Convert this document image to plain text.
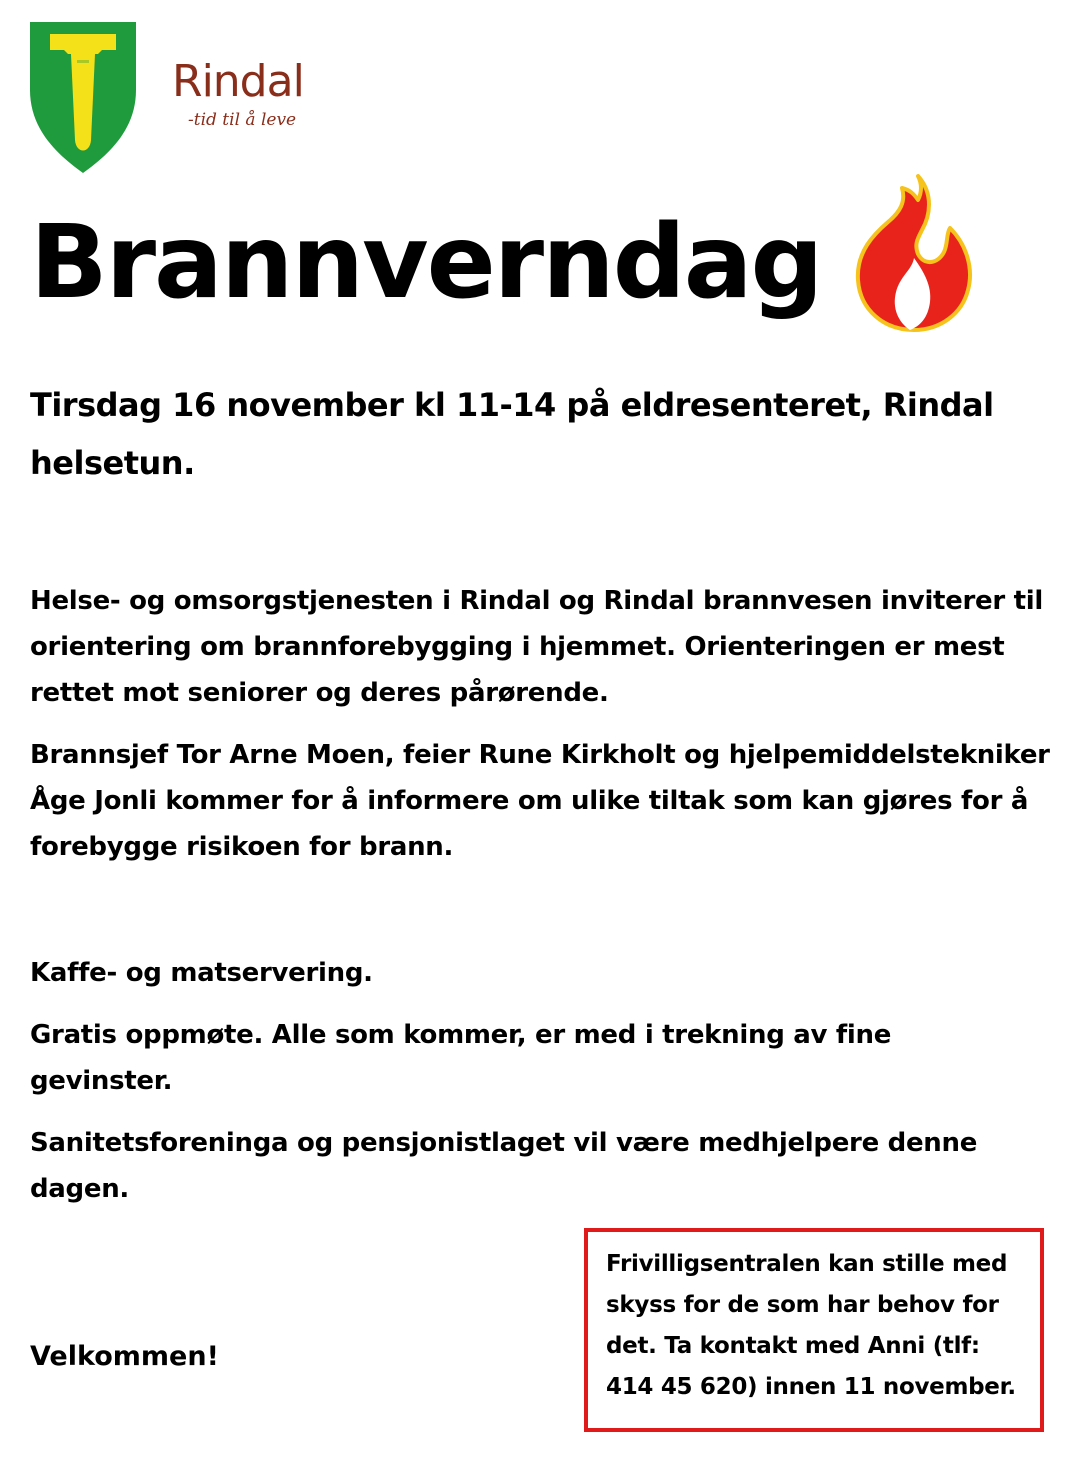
Rindal
-tid til å leve
Brannverndag
Tirsdag 16 november kl 11-14 på eldresenteret, Rindal helsetun.
Helse- og omsorgstjenesten i Rindal og Rindal brannvesen inviterer til orientering om brannforebygging i hjemmet. Orienteringen er mest rettet mot seniorer og deres pårørende.
Brannsjef Tor Arne Moen, feier Rune Kirkholt og hjelpemiddelstekniker Åge Jonli kommer for å informere om ulike tiltak som kan gjøres for å forebygge risikoen for brann.
Kaffe- og matservering.
Gratis oppmøte. Alle som kommer, er med i trekning av fine gevinster.
Sanitetsforeninga og pensjonistlaget vil være medhjelpere denne dagen.
Velkommen!
Frivilligsentralen kan stille med skyss for de som har behov for det. Ta kontakt med Anni (tlf: 414 45 620) innen 11 november.
